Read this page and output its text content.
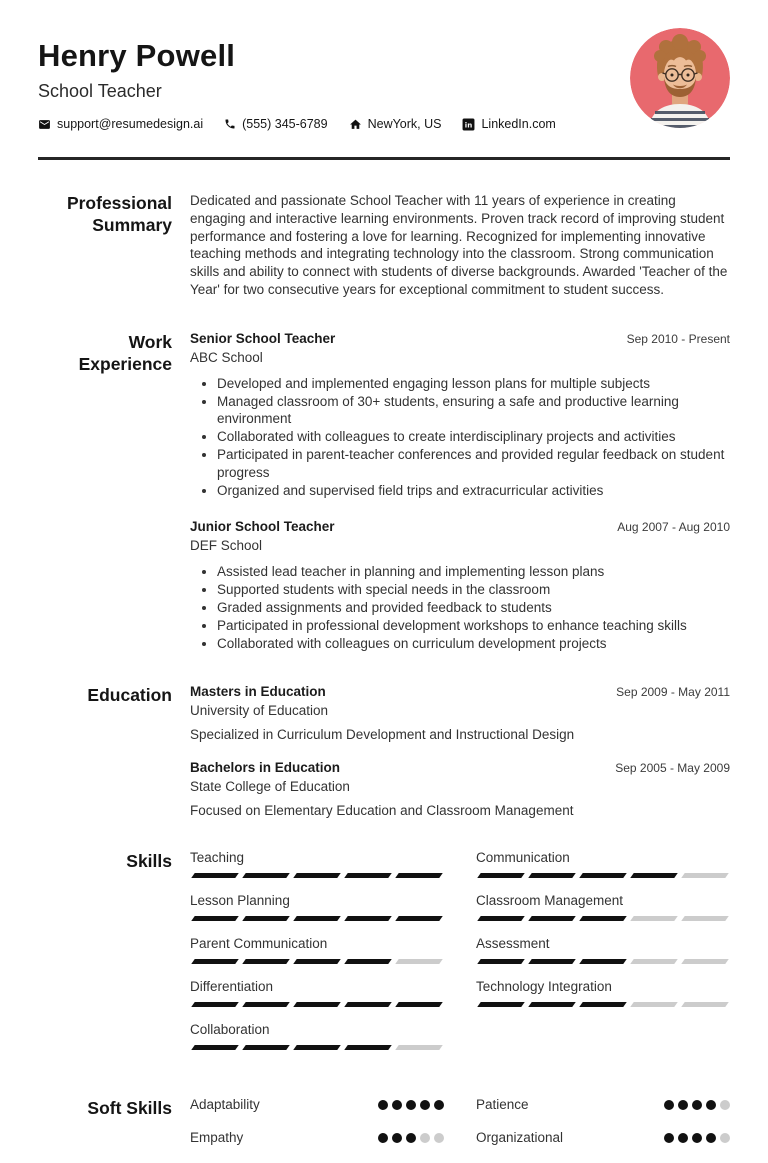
Henry Powell
School Teacher
support@resumedesign.ai	(555) 345-6789	NewYork, US in LinkedIn.com
Professional Summary
Dedicated and passionate School Teacher with 11 years of experience in creating engaging and interactive learning environments. Proven track record of improving student performance and fostering a love for learning. Recognized for implementing innovative teaching methods and integrating technology into the classroom. Strong communication skills and ability to connect with students of diverse backgrounds. Awarded 'Teacher of the Year' for two consecutive years for exceptional commitment to student success.
Work Experience
Senior School Teacher	Sep 2010 - Present
ABC School
• Developed and implemented engaging lesson plans for multiple subjects
• Managed classroom of 30+ students, ensuring a safe and productive learning environment
• Collaborated with colleagues to create interdisciplinary projects and activities
• Participated in parent-teacher conferences and provided regular feedback on student progress
• Organized and supervised field trips and extracurricular activities
Junior School Teacher	Aug 2007 - Aug 2010
DEF School
• Assisted lead teacher in planning and implementing lesson plans
• Supported students with special needs in the classroom
• Graded assignments and provided feedback to students
• Participated in professional development workshops to enhance teaching skills
• Collaborated with colleagues on curriculum development projects
Education Masters in Education	Sep 2009 - May 2011
University of Education
Specialized in Curriculum Development and Instructional Design
Bachelors in Education	Sep 2005 - May 2009
State College of Education
Focused on Elementary Education and Classroom Management
Skills Teaching	Communication
Lesson Planning	Classroom Management
Parent Communication	Assessment
Differentiation	Technology Integration
Collaboration
Soft Skills Adaptability	Patience
Empathy	Organizational
